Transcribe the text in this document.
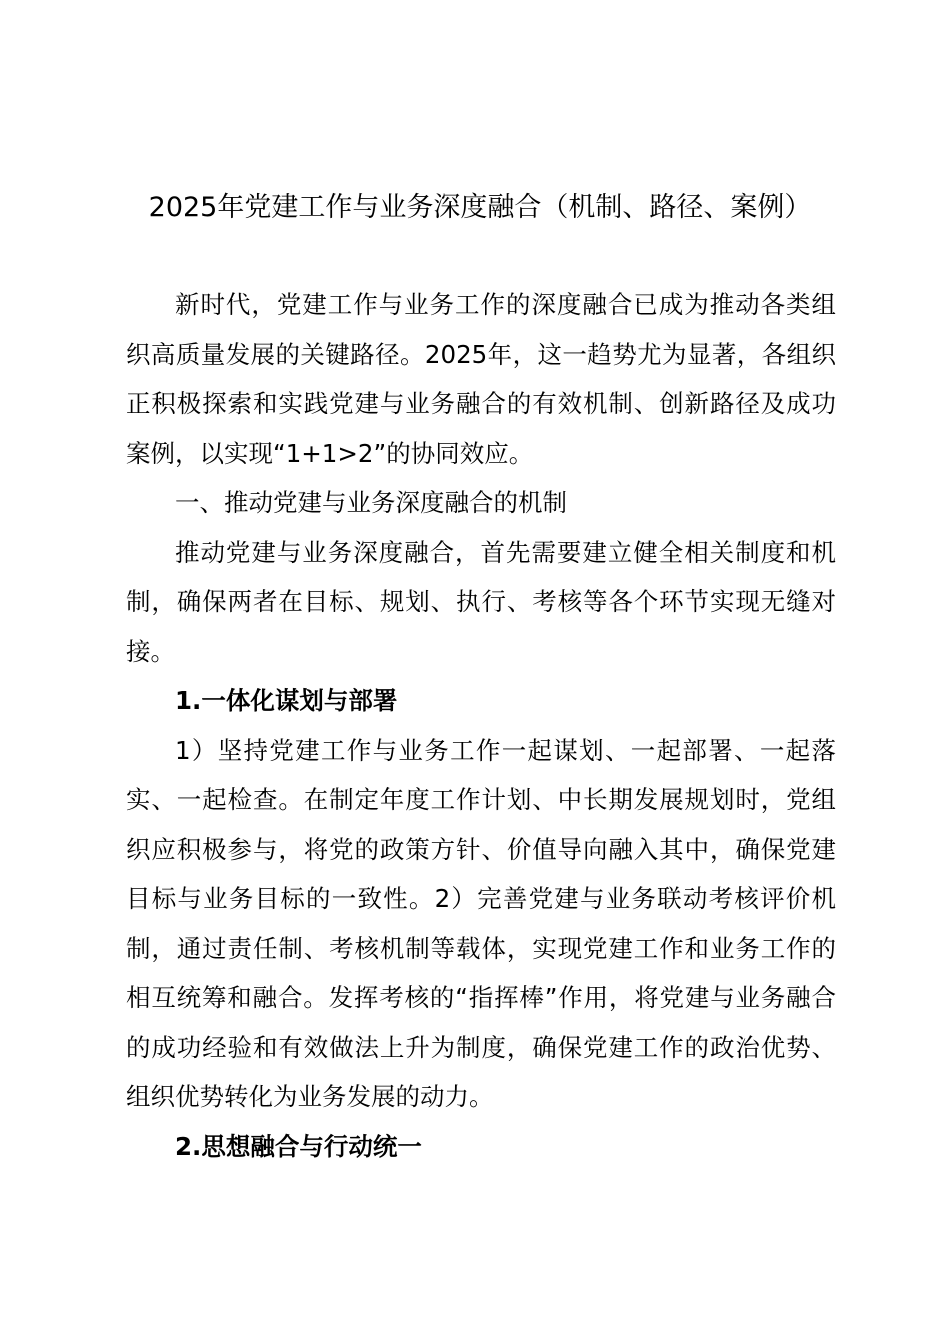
2025年党建工作与业务深度融合（机制、路径、案例）

新时代，党建工作与业务工作的深度融合已成为推动各类组织高质量发展的关键路径。2025年，这一趋势尤为显著，各组织正积极探索和实践党建与业务融合的有效机制、创新路径及成功案例，以实现“1+1>2”的协同效应。

一、推动党建与业务深度融合的机制

推动党建与业务深度融合，首先需要建立健全相关制度和机制，确保两者在目标、规划、执行、考核等各个环节实现无缝对接。

1.一体化谋划与部署

1）坚持党建工作与业务工作一起谋划、一起部署、一起落实、一起检查。在制定年度工作计划、中长期发展规划时，党组织应积极参与，将党的政策方针、价值导向融入其中，确保党建目标与业务目标的一致性。2）完善党建与业务联动考核评价机制，通过责任制、考核机制等载体，实现党建工作和业务工作的相互统筹和融合。发挥考核的“指挥棒”作用，将党建与业务融合的成功经验和有效做法上升为制度，确保党建工作的政治优势、组织优势转化为业务发展的动力。

2.思想融合与行动统一
